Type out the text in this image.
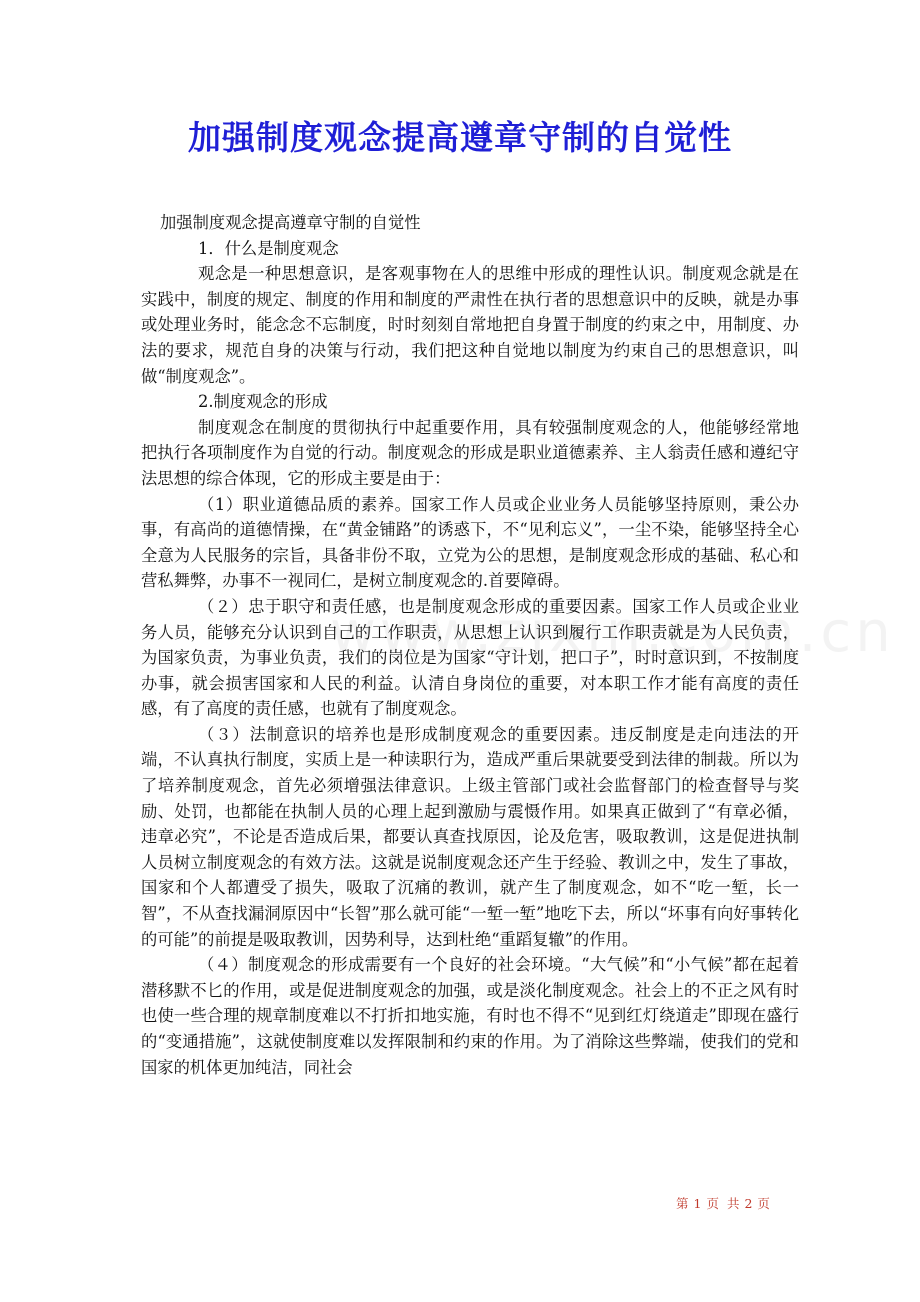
加强制度观念提高遵章守制的自觉性

加强制度观念提高遵章守制的自觉性

1．什么是制度观念

观念是一种思想意识，是客观事物在人的思维中形成的理性认识。制度观念就是在实践中，制度的规定、制度的作用和制度的严肃性在执行者的思想意识中的反映，就是办事或处理业务时，能念念不忘制度，时时刻刻自常地把自身置于制度的约束之中，用制度、办法的要求，规范自身的决策与行动，我们把这种自觉地以制度为约束自己的思想意识，叫做“制度观念”。

2.制度观念的形成

制度观念在制度的贯彻执行中起重要作用，具有较强制度观念的人，他能够经常地把执行各项制度作为自觉的行动。制度观念的形成是职业道德素养、主人翁责任感和遵纪守法思想的综合体现，它的形成主要是由于：

（1）职业道德品质的素养。国家工作人员或企业业务人员能够坚持原则，秉公办事，有高尚的道德情操，在“黄金铺路”的诱惑下，不“见利忘义”，一尘不染，能够坚持全心全意为人民服务的宗旨，具备非份不取，立党为公的思想，是制度观念形成的基础、私心和营私舞弊，办事不一视同仁，是树立制度观念的.首要障碍。

（２）忠于职守和责任感，也是制度观念形成的重要因素。国家工作人员或企业业务人员，能够充分认识到自己的工作职责，从思想上认识到履行工作职责就是为人民负责，为国家负责，为事业负责，我们的岗位是为国家“守计划，把口子”，时时意识到，不按制度办事，就会损害国家和人民的利益。认清自身岗位的重要，对本职工作才能有高度的责任感，有了高度的责任感，也就有了制度观念。

（３）法制意识的培养也是形成制度观念的重要因素。违反制度是走向违法的开端，不认真执行制度，实质上是一种读职行为，造成严重后果就要受到法律的制裁。所以为了培养制度观念，首先必须增强法律意识。上级主管部门或社会监督部门的检查督导与奖励、处罚，也都能在执制人员的心理上起到激励与震慑作用。如果真正做到了“有章必循，违章必究”，不论是否造成后果，都要认真查找原因，论及危害，吸取教训，这是促进执制人员树立制度观念的有效方法。这就是说制度观念还产生于经验、教训之中，发生了事故，国家和个人都遭受了损失，吸取了沉痛的教训，就产生了制度观念，如不“吃一堑，长一智”，不从查找漏洞原因中“长智”那么就可能“一堑一堑”地吃下去，所以“坏事有向好事转化的可能”的前提是吸取教训，因势利导，达到杜绝“重蹈复辙”的作用。

（４）制度观念的形成需要有一个良好的社会环境。“大气候”和“小气候”都在起着潜移默不匕的作用，或是促进制度观念的加强，或是淡化制度观念。社会上的不正之风有时也使一些合理的规章制度难以不打折扣地实施，有时也不得不“见到红灯绕道走”即现在盛行的“变通措施”，这就使制度难以发挥限制和约束的作用。为了消除这些弊端，使我们的党和国家的机体更加纯洁，同社会

第 1 页 共 2 页
